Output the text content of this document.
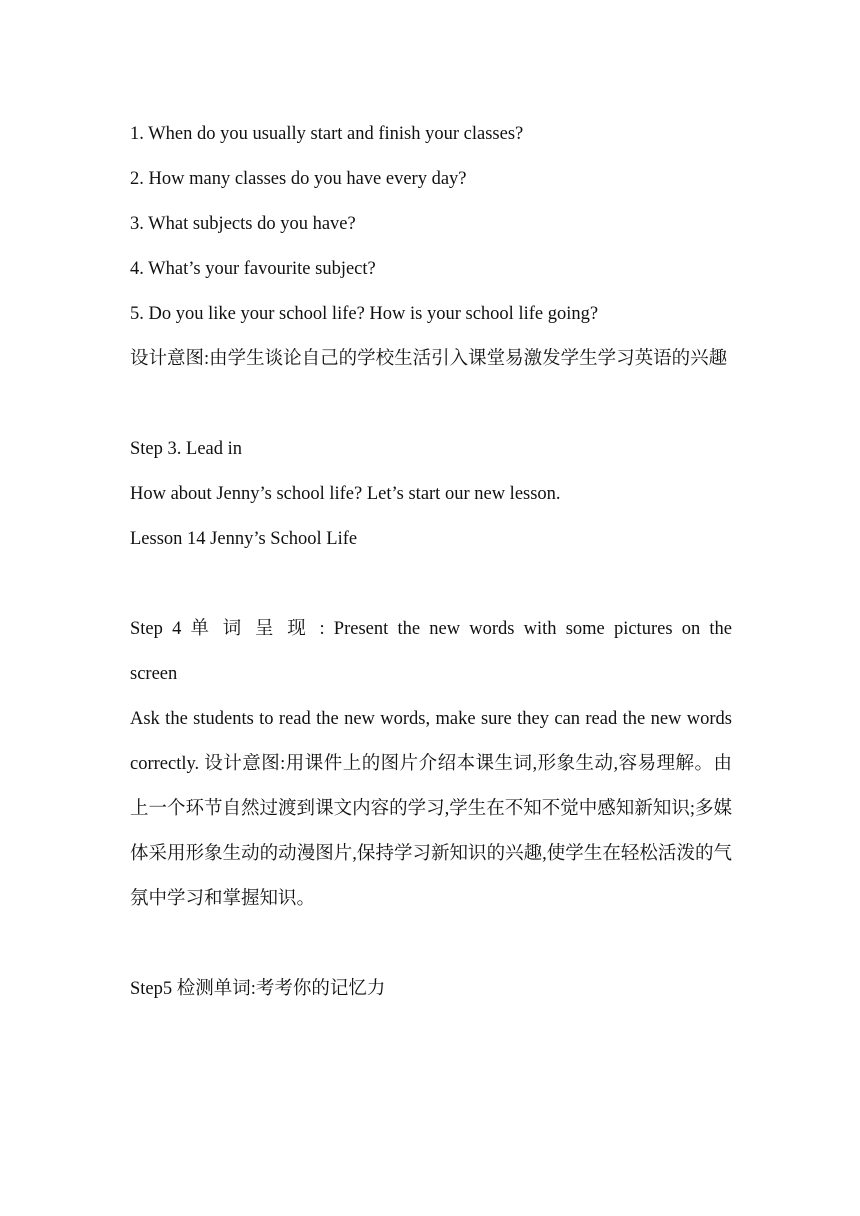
1. When do you usually start and finish your classes?

2. How many classes do you have every day?

3. What subjects do you have?

4. What’s your favourite subject?

5. Do you like your school life? How is your school life going?

设计意图:由学生谈论自己的学校生活引入课堂易激发学生学习英语的兴趣

Step 3. Lead in

How about Jenny’s school life? Let’s start our new lesson.

Lesson 14 Jenny’s School Life

Step 4 单 词 呈 现 : Present the new words with some pictures on the

screen

Ask the students to read the new words, make sure they can read the new words correctly. 设计意图:用课件上的图片介绍本课生词,形象生动,容易理解。由上一个环节自然过渡到课文内容的学习,学生在不知不觉中感知新知识;多媒体采用形象生动的动漫图片,保持学习新知识的兴趣,使学生在轻松活泼的气氛中学习和掌握知识。

Step5 检测单词:考考你的记忆力
